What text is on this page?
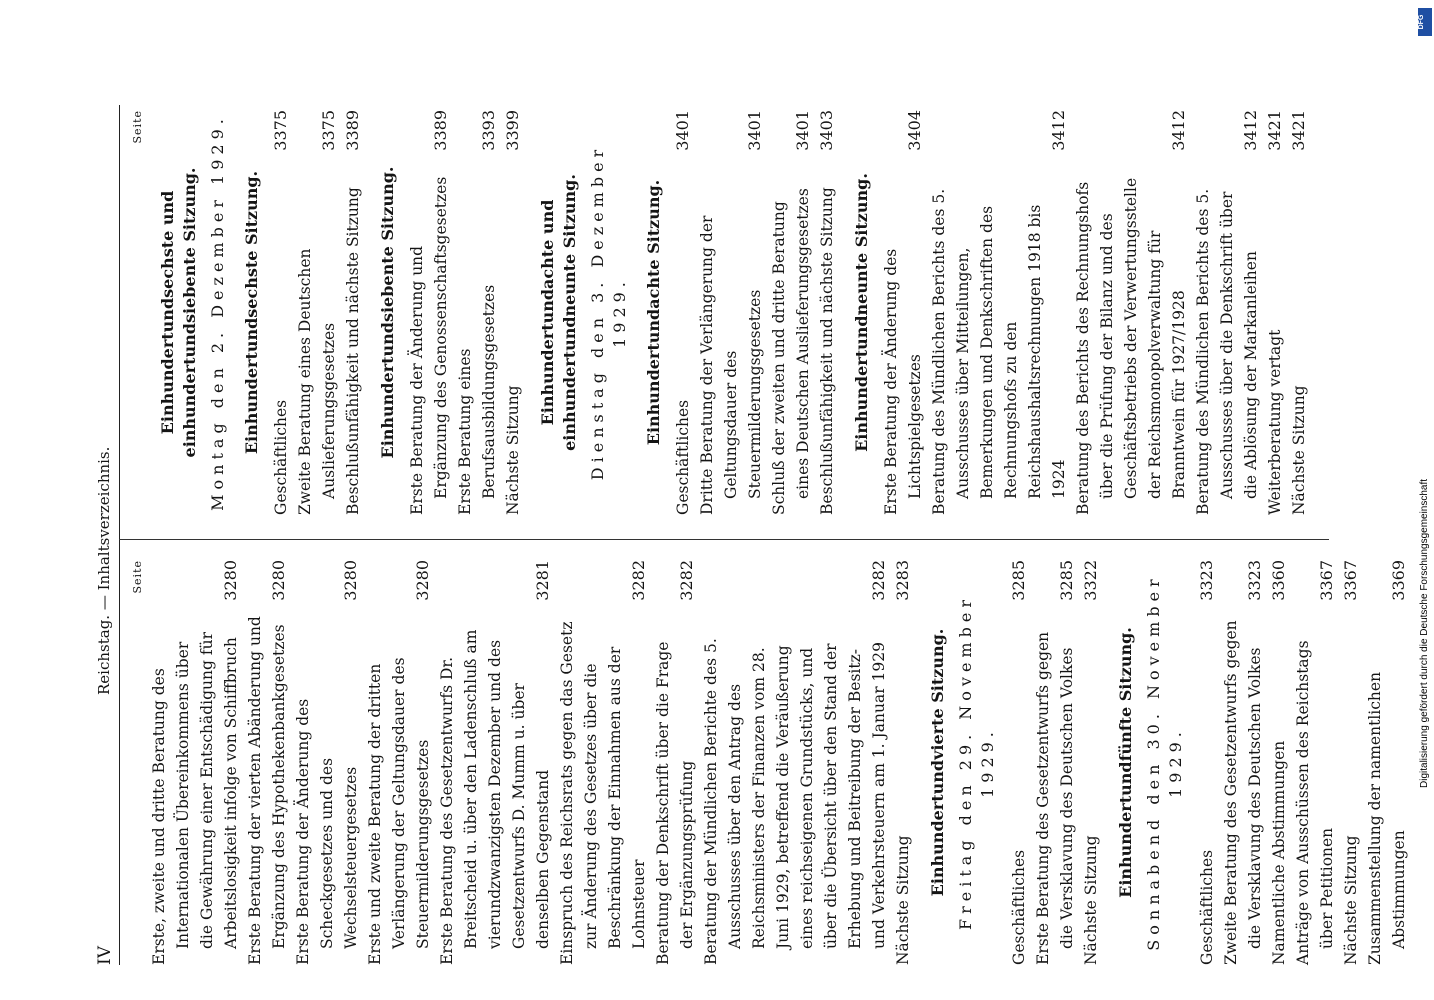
IV
Reichstag. — Inhaltsverzeichnis. Seite
Erste, zweite und dritte Beratung des Internationalen Übereinkommens über die Gewährung einer Entschädigung für Arbeitslosigkeit infolge von Schiffbruch
3280
Erste Beratung der vierten Abänderung und Ergänzung des Hypothekenbankgesetzes
3280
Erste Beratung der Änderung des Scheckgesetzes und des Wechselsteuergesetzes
3280
Erste und zweite Beratung der dritten Verlängerung der Geltungsdauer des Steuermilderungsgesetzes
3280
Erste Beratung des Gesetzentwurfs Dr. Breitscheid u. über den Ladenschluß am vierundzwanzigsten Dezember und des Gesetzentwurfs D. Mumm u. über denselben Gegenstand
3281
Einspruch des Reichsrats gegen das Gesetz zur Änderung des Gesetzes über die Beschränkung der Einnahmen aus der Lohnsteuer
3282
Beratung der Denkschrift über die Frage der Ergänzungsprüfung
3282
Beratung der Mündlichen Berichte des 5. Ausschusses über den Antrag des Reichsministers der Finanzen vom 28. Juni 1929, betreffend die Veräußerung eines reichseigenen Grundstücks, und über die Übersicht über den Stand der Erhebung und Beitreibung der Besitz- und Verkehrsteuern am 1. Januar 1929
3282
Nächste Sitzung
3283
Einhundertundvierte Sitzung. Freitag den 29. November 1929.
Geschäftliches
3285
Erste Beratung des Gesetzentwurfs gegen die Versklavung des Deutschen Volkes
3285
Nächste Sitzung
3322
Einhundertundfünfte Sitzung. Sonnabend den 30. November 1929.
Geschäftliches
3323
Zweite Beratung des Gesetzentwurfs gegen die Versklavung des Deutschen Volkes
3323
Namentliche Abstimmungen
3360
Anträge von Ausschüssen des Reichstags über Petitionen
3367
Nächste Sitzung
3367
Zusammenstellung der namentlichen Abstimmungen
3369
Seite
Einhundertundsechste und einhundertundsiebente Sitzung. Montag den 2. Dezember 1929. Einhundertundsechste Sitzung.
Geschäftliches
3375
Zweite Beratung eines Deutschen Auslieferungsgesetzes
3375
Beschlußunfähigkeit und nächste Sitzung
3389
Einhundertundsiebente Sitzung. Erste Beratung der Änderung und Ergänzung des Genossenschaftsgesetzes
3389
Erste Beratung eines Berufsausbildungsgesetzes
3393
Nächste Sitzung
3399
Einhundertundachte und einhundertundneunte Sitzung. Dienstag den 3. Dezember 1929. Einhundertundachte Sitzung.
Geschäftliches
3401
Dritte Beratung der Verlängerung der Geltungsdauer des Steuermilderungsgesetzes
3401
Schluß der zweiten und dritte Beratung eines Deutschen Auslieferungsgesetzes
3401
Beschlußunfähigkeit und nächste Sitzung
3403
Einhundertundneunte Sitzung. Erste Beratung der Änderung des Lichtspielgesetzes
3404
Beratung des Mündlichen Berichts des 5. Ausschusses über Mitteilungen, Bemerkungen und Denkschriften des Rechnungshofs zu den Reichshaushaltsrechnungen 1918 bis 1924
3412
Beratung des Berichts des Rechnungshofs über die Prüfung der Bilanz und des Geschäftsbetriebs der Verwertungsstelle der Reichsmonopolverwaltung für Branntwein für 1927/1928
3412
Beratung des Mündlichen Berichts des 5. Ausschusses über die Denkschrift über die Ablösung der Markanleihen
3412
Weiterberatung vertagt
3421
Nächste Sitzung
3421
Digitalisierung gefördert durch die Deutsche Forschungsgemeinschaft
DFG
